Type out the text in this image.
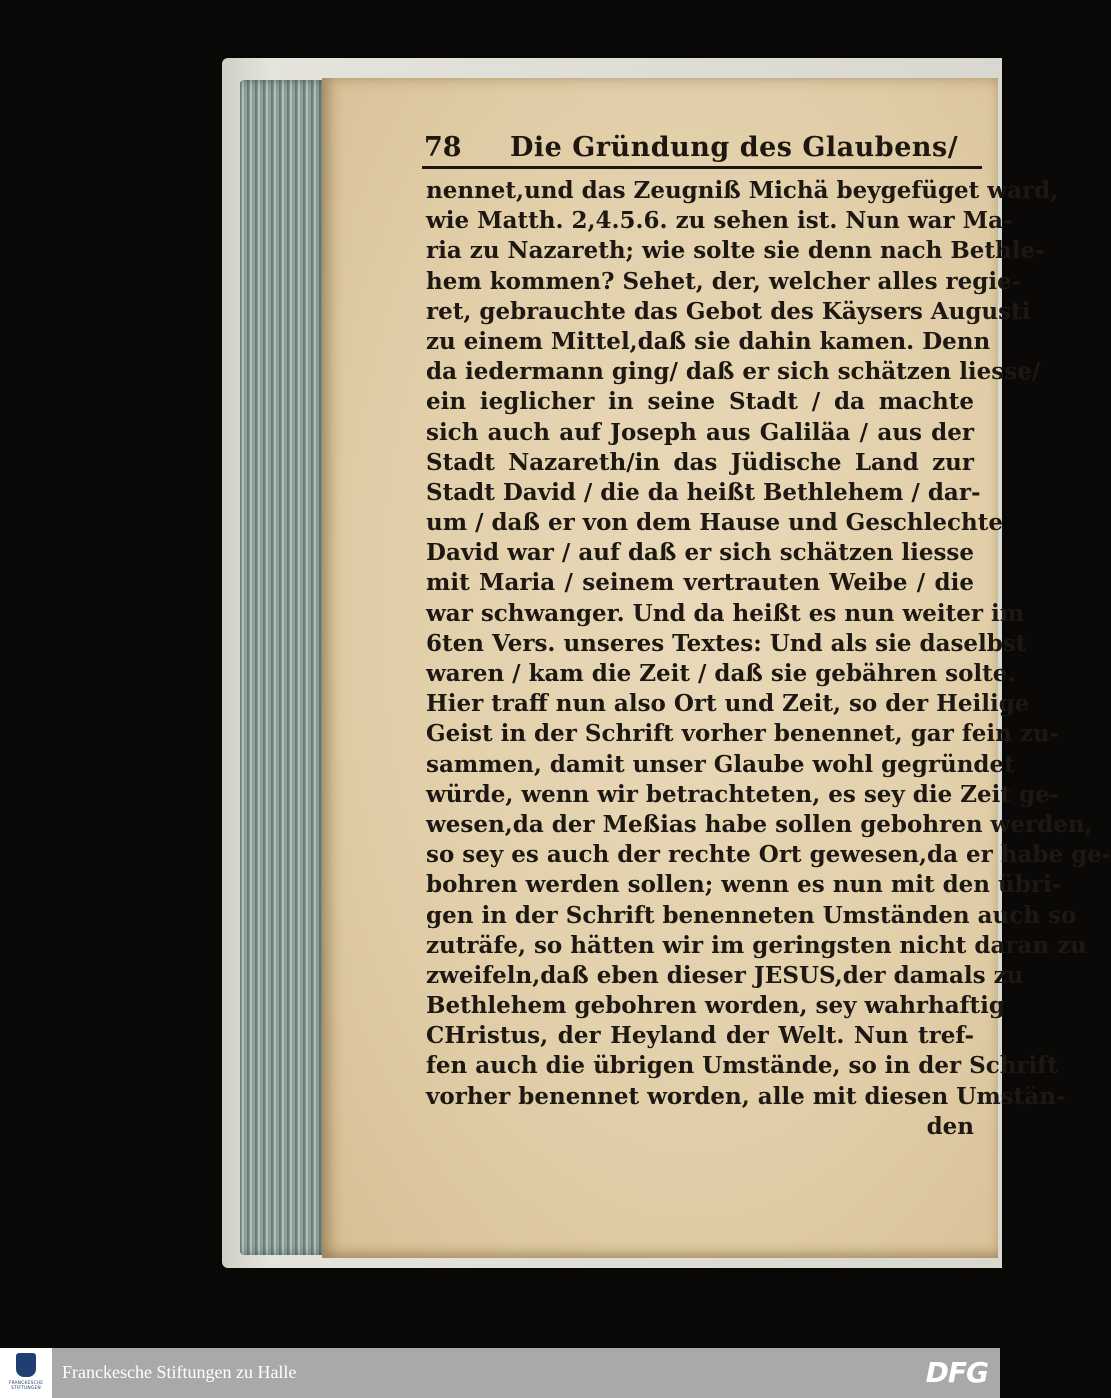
78 Die Gründung des Glaubens/
nennet,und das Zeugniß Michä beygefüget ward,
wie Matth. 2,4.5.6. zu sehen ist. Nun war Ma-
ria zu Nazareth; wie solte sie denn nach Bethle-
hem kommen? Sehet, der, welcher alles regie-
ret, gebrauchte das Gebot des Käysers Augusti
zu einem Mittel,daß sie dahin kamen. Denn
da iedermann ging/ daß er sich schätzen liesse/
ein ieglicher in seine Stadt / da machte
sich auch auf Joseph aus Galiläa / aus der
Stadt Nazareth/in das Jüdische Land zur
Stadt David / die da heißt Bethlehem / dar-
um / daß er von dem Hause und Geschlechte
David war / auf daß er sich schätzen liesse
mit Maria / seinem vertrauten Weibe / die
war schwanger. Und da heißt es nun weiter im
6ten Vers. unseres Textes: Und als sie daselbst
waren / kam die Zeit / daß sie gebähren solte.
Hier traff nun also Ort und Zeit, so der Heilige
Geist in der Schrift vorher benennet, gar fein zu-
sammen, damit unser Glaube wohl gegründet
würde, wenn wir betrachteten, es sey die Zeit ge-
wesen,da der Meßias habe sollen gebohren werden,
so sey es auch der rechte Ort gewesen,da er habe ge-
bohren werden sollen; wenn es nun mit den übri-
gen in der Schrift benenneten Umständen auch so
zuträfe, so hätten wir im geringsten nicht daran zu
zweifeln,daß eben dieser JESUS,der damals zu
Bethlehem gebohren worden, sey wahrhaftig
CHristus, der Heyland der Welt. Nun tref-
fen auch die übrigen Umstände, so in der Schrift
vorher benennet worden, alle mit diesen Umstän-
den
FRANCKESCHE
STIFTUNGEN
Franckesche Stiftungen zu Halle	DFG
